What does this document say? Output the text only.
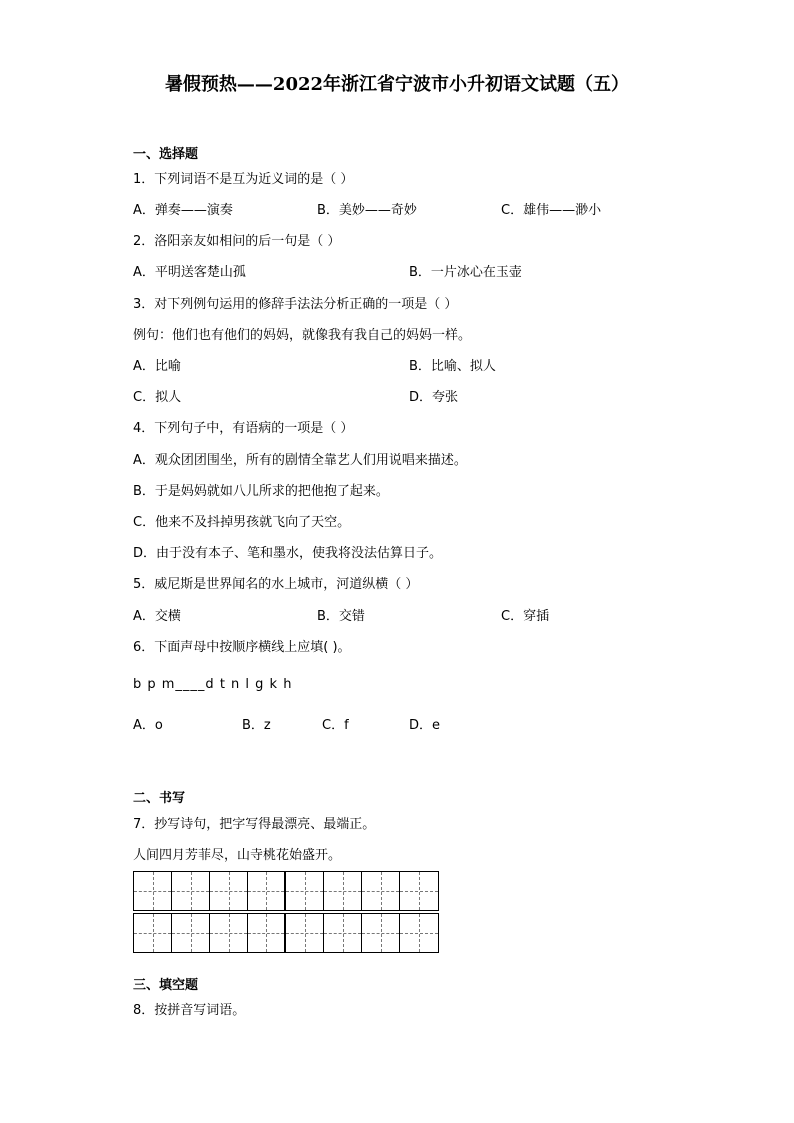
暑假预热——2022年浙江省宁波市小升初语文试题（五）
一、选择题
1．下列词语不是互为近义词的是（ ）
A．弹奏——演奏	B．美妙——奇妙	C．雄伟——渺小
2．洛阳亲友如相问的后一句是（ ）
A．平明送客楚山孤	B．一片冰心在玉壶
3．对下列例句运用的修辞手法法分析正确的一项是（ ）
例句：他们也有他们的妈妈，就像我有我自己的妈妈一样。
A．比喻	B．比喻、拟人
C．拟人	D．夸张
4．下列句子中，有语病的一项是（ ）
A．观众团团围坐，所有的剧情全靠艺人们用说唱来描述。
B．于是妈妈就如八儿所求的把他抱了起来。
C．他来不及抖掉男孩就飞向了天空。
D．由于没有本子、笔和墨水，使我将没法估算日子。
5．威尼斯是世界闻名的水上城市，河道纵横（ ）
A．交横	B．交错	C．穿插
6．下面声母中按顺序横线上应填( )。
b p m____d t n l g k h
A．o	B．z	C．f	D．e
二、书写
7．抄写诗句，把字写得最漂亮、最端正。
人间四月芳菲尽，山寺桃花始盛开。
三、填空题
8．按拼音写词语。
